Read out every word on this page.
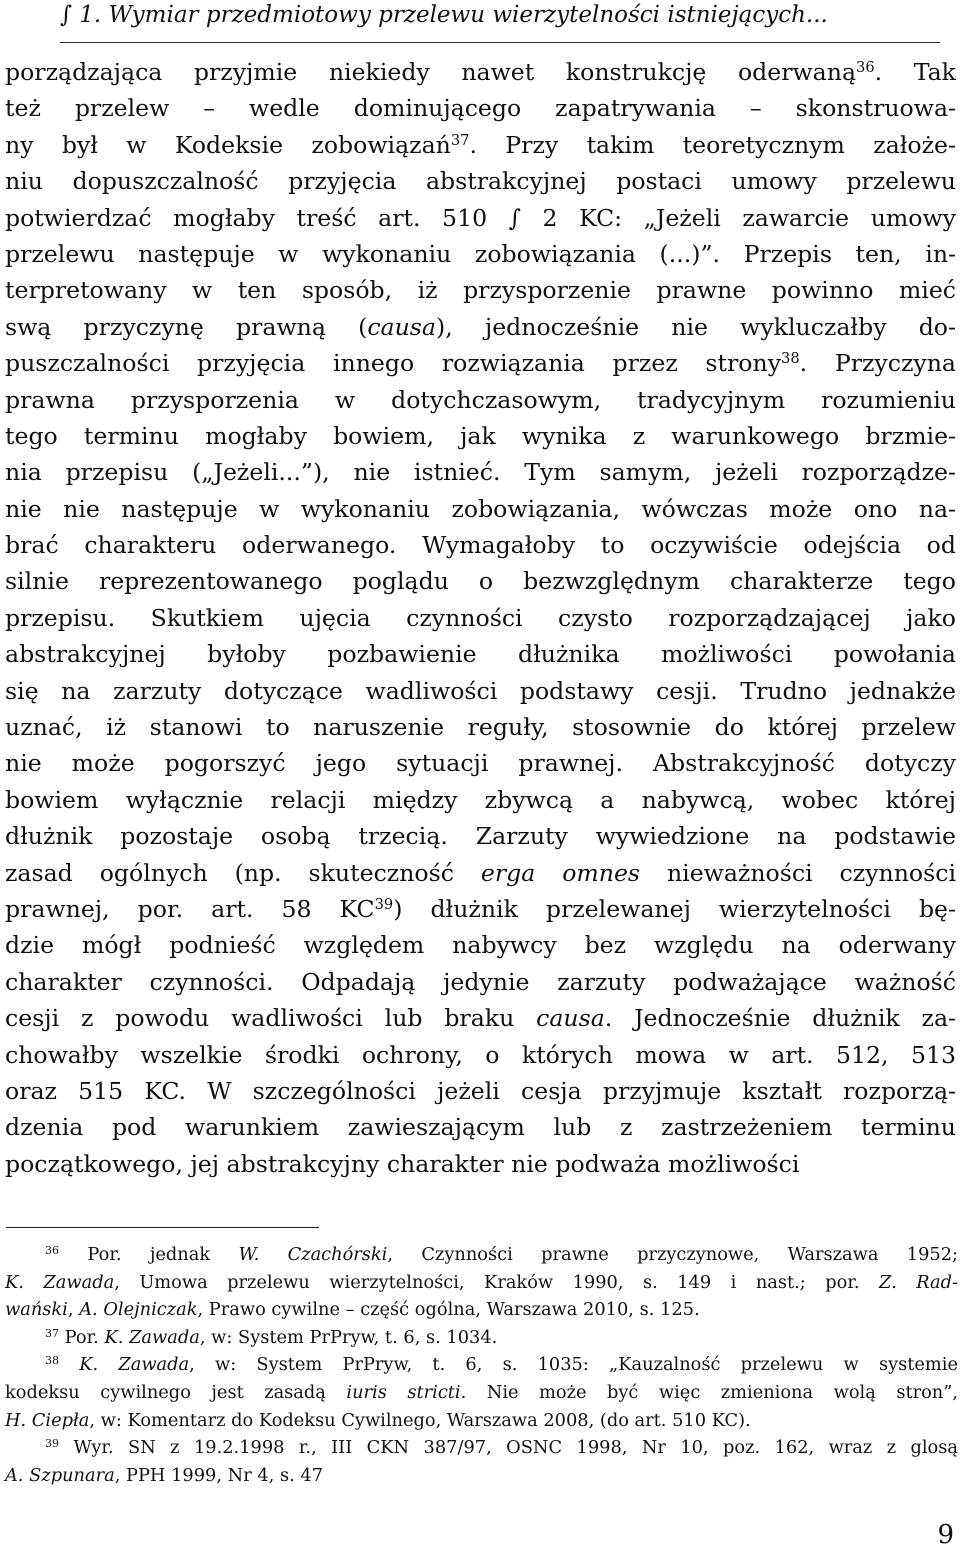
∫ 1. Wymiar przedmiotowy przelewu wierzytelności istniejących...
porządzająca przyjmie niekiedy nawet konstrukcję oderwaną$^{36}$. Tak
też przelew – wedle dominującego zapatrywania – skonstruowa-
ny był w Kodeksie zobowiązań$^{37}$. Przy takim teoretycznym założe-
niu dopuszczalność przyjęcia abstrakcyjnej postaci umowy przelewu
potwierdzać mogłaby treść art. 510 ∫ 2 KC: „Jeżeli zawarcie umowy
przelewu następuje w wykonaniu zobowiązania (...)”. Przepis ten, in-
terpretowany w ten sposób, iż przysporzenie prawne powinno mieć
swą przyczynę prawną (causa), jednocześnie nie wykluczałby do-
puszczalności przyjęcia innego rozwiązania przez strony$^{38}$. Przyczyna
prawna przysporzenia w dotychczasowym, tradycyjnym rozumieniu
tego terminu mogłaby bowiem, jak wynika z warunkowego brzmie-
nia przepisu („Jeżeli...”), nie istnieć. Tym samym, jeżeli rozporządze-
nie nie następuje w wykonaniu zobowiązania, wówczas może ono na-
brać charakteru oderwanego. Wymagałoby to oczywiście odejścia od
silnie reprezentowanego poglądu o bezwzględnym charakterze tego
przepisu. Skutkiem ujęcia czynności czysto rozporządzającej jako
abstrakcyjnej byłoby pozbawienie dłużnika możliwości powołania
się na zarzuty dotyczące wadliwości podstawy cesji. Trudno jednakże
uznać, iż stanowi to naruszenie reguły, stosownie do której przelew
nie może pogorszyć jego sytuacji prawnej. Abstrakcyjność dotyczy
bowiem wyłącznie relacji między zbywcą a nabywcą, wobec której
dłużnik pozostaje osobą trzecią. Zarzuty wywiedzione na podstawie
zasad ogólnych (np. skuteczność erga omnes nieważności czynności
prawnej, por. art. 58 KC$^{39}$) dłużnik przelewanej wierzytelności bę-
dzie mógł podnieść względem nabywcy bez względu na oderwany
charakter czynności. Odpadają jedynie zarzuty podważające ważność
cesji z powodu wadliwości lub braku causa. Jednocześnie dłużnik za-
chowałby wszelkie środki ochrony, o których mowa w art. 512, 513
oraz 515 KC. W szczególności jeżeli cesja przyjmuje kształt rozporzą-
dzenia pod warunkiem zawieszającym lub z zastrzeżeniem terminu
początkowego, jej abstrakcyjny charakter nie podważa możliwości
$^{36}$ Por. jednak W. Czachórski, Czynności prawne przyczynowe, Warszawa 1952;
K. Zawada, Umowa przelewu wierzytelności, Kraków 1990, s. 149 i nast.; por. Z. Rad-
wański, A. Olejniczak, Prawo cywilne – część ogólna, Warszawa 2010, s. 125.
$^{37}$ Por. K. Zawada, w: System PrPryw, t. 6, s. 1034.
$^{38}$ K. Zawada, w: System PrPryw, t. 6, s. 1035: „Kauzalność przelewu w systemie
kodeksu cywilnego jest zasadą iuris stricti. Nie może być więc zmieniona wolą stron”,
H. Ciepła, w: Komentarz do Kodeksu Cywilnego, Warszawa 2008, (do art. 510 KC).
$^{39}$ Wyr. SN z 19.2.1998 r., III CKN 387/97, OSNC 1998, Nr 10, poz. 162, wraz z glosą
A. Szpunara, PPH 1999, Nr 4, s. 47
9
